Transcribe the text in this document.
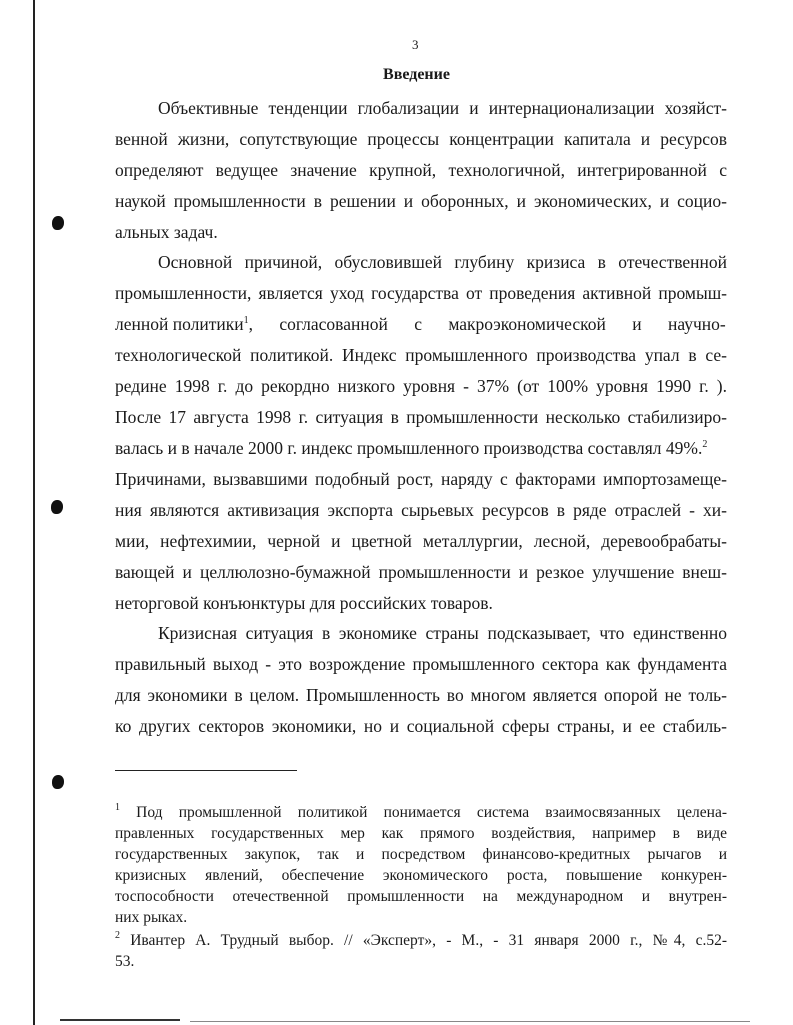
3
Введение
Объективные тенденции глобализации и интернационализации хозяйст-
венной жизни, сопутствующие процессы концентрации капитала и ресурсов
определяют ведущее значение крупной, технологичной, интегрированной с
наукой промышленности в решении и оборонных, и экономических, и социо-
альных задач.
Основной причиной, обусловившей глубину кризиса в отечественной
промышленности, является уход государства от проведения активной промыш-
ленной политики$^1$, согласованной с макроэкономической и научно-
технологической политикой. Индекс промышленного производства упал в се-
редине 1998 г. до рекордно низкого уровня - 37% (от 100% уровня 1990 г. ).
После 17 августа 1998 г. ситуация в промышленности несколько стабилизиро-
валась и в начале 2000 г. индекс промышленного производства составлял 49%.$^2$
Причинами, вызвавшими подобный рост, наряду с факторами импортозамеще-
ния являются активизация экспорта сырьевых ресурсов в ряде отраслей - хи-
мии, нефтехимии, черной и цветной металлургии, лесной, деревообрабаты-
вающей и целлюлозно-бумажной промышленности и резкое улучшение внеш-
неторговой конъюнктуры для российских товаров.
Кризисная ситуация в экономике страны подсказывает, что единственно
правильный выход - это возрождение промышленного сектора как фундамента
для экономики в целом. Промышленность во многом является опорой не толь-
ко других секторов экономики, но и социальной сферы страны, и ее стабиль-
$^1$ Под промышленной политикой понимается система взаимосвязанных целена-
правленных государственных мер как прямого воздействия, например в виде
государственных закупок, так и посредством финансово-кредитных рычагов и
кризисных явлений, обеспечение экономического роста, повышение конкурен-
тоспособности отечественной промышленности на международном и внутрен-
них рыках.
$^2$ Ивантер А. Трудный выбор. // «Эксперт», - М., - 31 января 2000 г., №4, с.52-
53.
